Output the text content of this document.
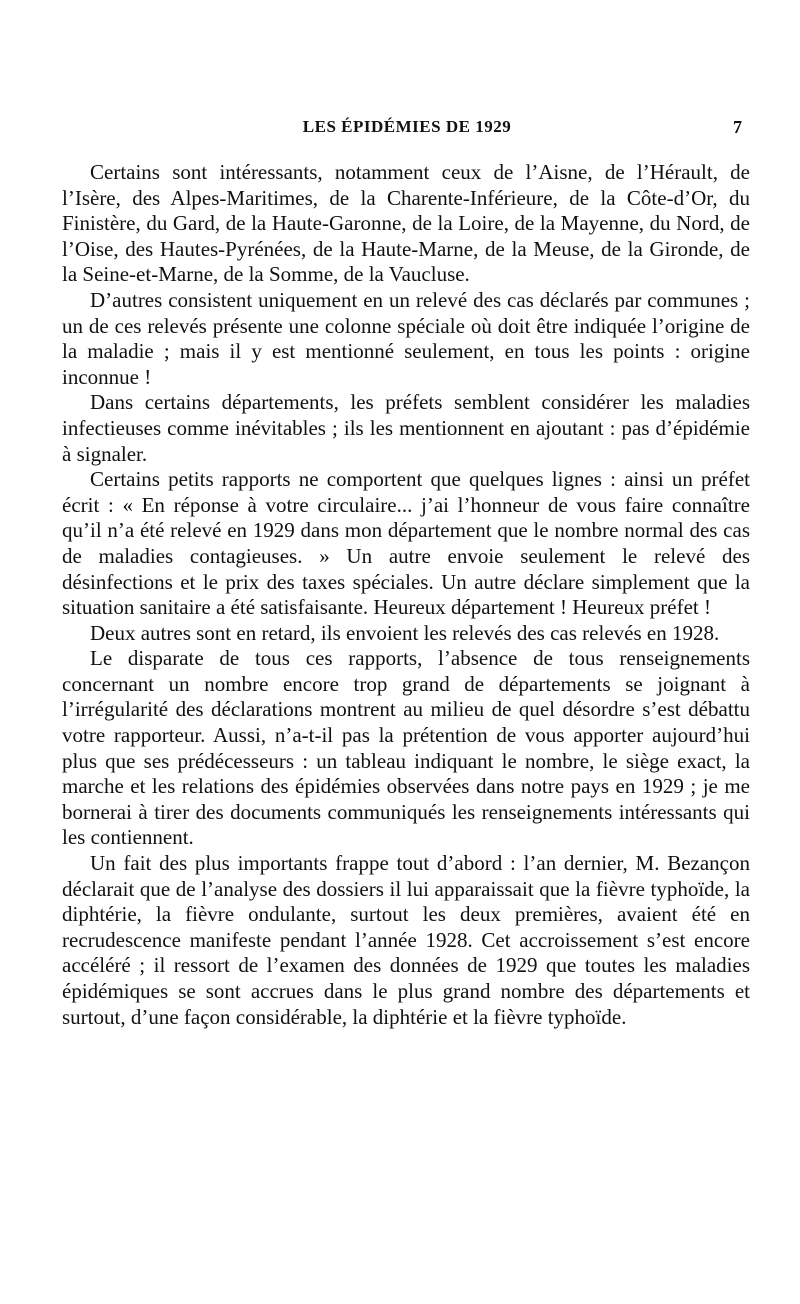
LES ÉPIDÉMIES DE 1929	7

Certains sont intéressants, notamment ceux de l’Aisne, de l’Hérault, de l’Isère, des Alpes-Maritimes, de la Charente-Inférieure, de la Côte-d’Or, du Finistère, du Gard, de la Haute-Garonne, de la Loire, de la Mayenne, du Nord, de l’Oise, des Hautes-Pyrénées, de la Haute-Marne, de la Meuse, de la Gironde, de la Seine-et-Marne, de la Somme, de la Vaucluse.

D’autres consistent uniquement en un relevé des cas déclarés par communes ; un de ces relevés présente une colonne spéciale où doit être indiquée l’origine de la maladie ; mais il y est mentionné seulement, en tous les points : origine inconnue !

Dans certains départements, les préfets semblent considérer les maladies infectieuses comme inévitables ; ils les mentionnent en ajoutant : pas d’épidémie à signaler.

Certains petits rapports ne comportent que quelques lignes : ainsi un préfet écrit : « En réponse à votre circulaire... j’ai l’honneur de vous faire connaître qu’il n’a été relevé en 1929 dans mon département que le nombre normal des cas de maladies contagieuses. » Un autre envoie seulement le relevé des désinfections et le prix des taxes spéciales. Un autre déclare simplement que la situation sanitaire a été satisfaisante. Heureux département ! Heureux préfet !

Deux autres sont en retard, ils envoient les relevés des cas relevés en 1928.

Le disparate de tous ces rapports, l’absence de tous renseignements concernant un nombre encore trop grand de départements se joignant à l’irrégularité des déclarations montrent au milieu de quel désordre s’est débattu votre rapporteur. Aussi, n’a-t-il pas la prétention de vous apporter aujourd’hui plus que ses prédécesseurs : un tableau indiquant le nombre, le siège exact, la marche et les relations des épidémies observées dans notre pays en 1929 ; je me bornerai à tirer des documents communiqués les renseignements intéressants qui les contiennent.

Un fait des plus importants frappe tout d’abord : l’an dernier, M. Bezançon déclarait que de l’analyse des dossiers il lui apparaissait que la fièvre typhoïde, la diphtérie, la fièvre ondulante, surtout les deux premières, avaient été en recrudescence manifeste pendant l’année 1928. Cet accroissement s’est encore accéléré ; il ressort de l’examen des données de 1929 que toutes les maladies épidémiques se sont accrues dans le plus grand nombre des départements et surtout, d’une façon considérable, la diphtérie et la fièvre typhoïde.
